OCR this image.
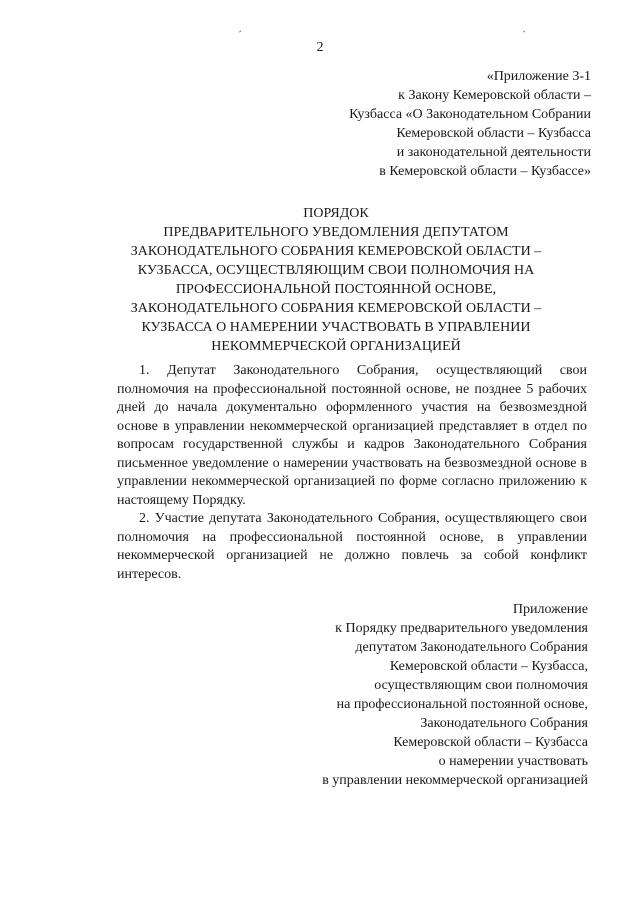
´	´
2
«Приложение 3-1
к Закону Кемеровской области –
Кузбасса «О Законодательном Собрании
Кемеровской области – Кузбасса
и законодательной деятельности
в Кемеровской области – Кузбассе»
ПОРЯДОК
ПРЕДВАРИТЕЛЬНОГО УВЕДОМЛЕНИЯ ДЕПУТАТОМ
ЗАКОНОДАТЕЛЬНОГО СОБРАНИЯ КЕМЕРОВСКОЙ ОБЛАСТИ –
КУЗБАССА, ОСУЩЕСТВЛЯЮЩИМ СВОИ ПОЛНОМОЧИЯ НА
ПРОФЕССИОНАЛЬНОЙ ПОСТОЯННОЙ ОСНОВЕ,
ЗАКОНОДАТЕЛЬНОГО СОБРАНИЯ КЕМЕРОВСКОЙ ОБЛАСТИ –
КУЗБАССА О НАМЕРЕНИИ УЧАСТВОВАТЬ В УПРАВЛЕНИИ
НЕКОММЕРЧЕСКОЙ ОРГАНИЗАЦИЕЙ

1. Депутат Законодательного Собрания, осуществляющий свои полномочия на профессиональной постоянной основе, не позднее 5 рабочих дней до начала документально оформленного участия на безвозмездной основе в управлении некоммерческой организацией представляет в отдел по вопросам государственной службы и кадров Законодательного Собрания письменное уведомление о намерении участвовать на безвозмездной основе в управлении некоммерческой организацией по форме согласно приложению к настоящему Порядку.

2. Участие депутата Законодательного Собрания, осуществляющего свои полномочия на профессиональной постоянной основе, в управлении некоммерческой организацией не должно повлечь за собой конфликт интересов.

Приложение
к Порядку предварительного уведомления
депутатом Законодательного Собрания
Кемеровской области – Кузбасса,
осуществляющим свои полномочия
на профессиональной постоянной основе,
Законодательного Собрания
Кемеровской области – Кузбасса
о намерении участвовать
в управлении некоммерческой организацией
